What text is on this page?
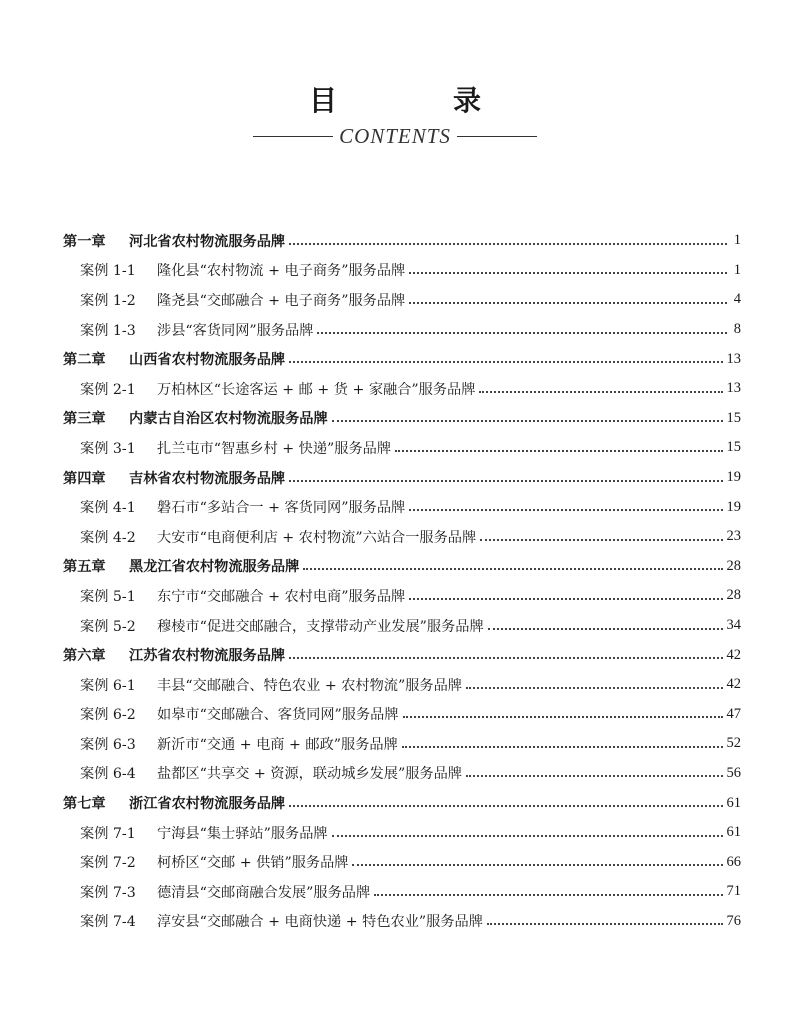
目　录
CONTENTS
第一章	河北省农村物流服务品牌	1
案例 1-1	隆化县“农村物流 + 电子商务”服务品牌	1
案例 1-2	隆尧县“交邮融合 + 电子商务”服务品牌	4
案例 1-3	涉县“客货同网”服务品牌	8
第二章	山西省农村物流服务品牌	13
案例 2-1	万柏林区“长途客运 + 邮 + 货 + 家融合”服务品牌	13
第三章	内蒙古自治区农村物流服务品牌	15
案例 3-1	扎兰屯市“智惠乡村 + 快递”服务品牌	15
第四章	吉林省农村物流服务品牌	19
案例 4-1	磐石市“多站合一 + 客货同网”服务品牌	19
案例 4-2	大安市“电商便利店 + 农村物流”六站合一服务品牌	23
第五章	黑龙江省农村物流服务品牌	28
案例 5-1	东宁市“交邮融合 + 农村电商”服务品牌	28
案例 5-2	穆棱市“促进交邮融合，支撑带动产业发展”服务品牌	34
第六章	江苏省农村物流服务品牌	42
案例 6-1	丰县“交邮融合、特色农业 + 农村物流”服务品牌	42
案例 6-2	如皋市“交邮融合、客货同网”服务品牌	47
案例 6-3	新沂市“交通 + 电商 + 邮政”服务品牌	52
案例 6-4	盐都区“共享交 + 资源，联动城乡发展”服务品牌	56
第七章	浙江省农村物流服务品牌	61
案例 7-1	宁海县“集士驿站”服务品牌	61
案例 7-2	柯桥区“交邮 + 供销”服务品牌	66
案例 7-3	德清县“交邮商融合发展”服务品牌	71
案例 7-4	淳安县“交邮融合 + 电商快递 + 特色农业”服务品牌	76
